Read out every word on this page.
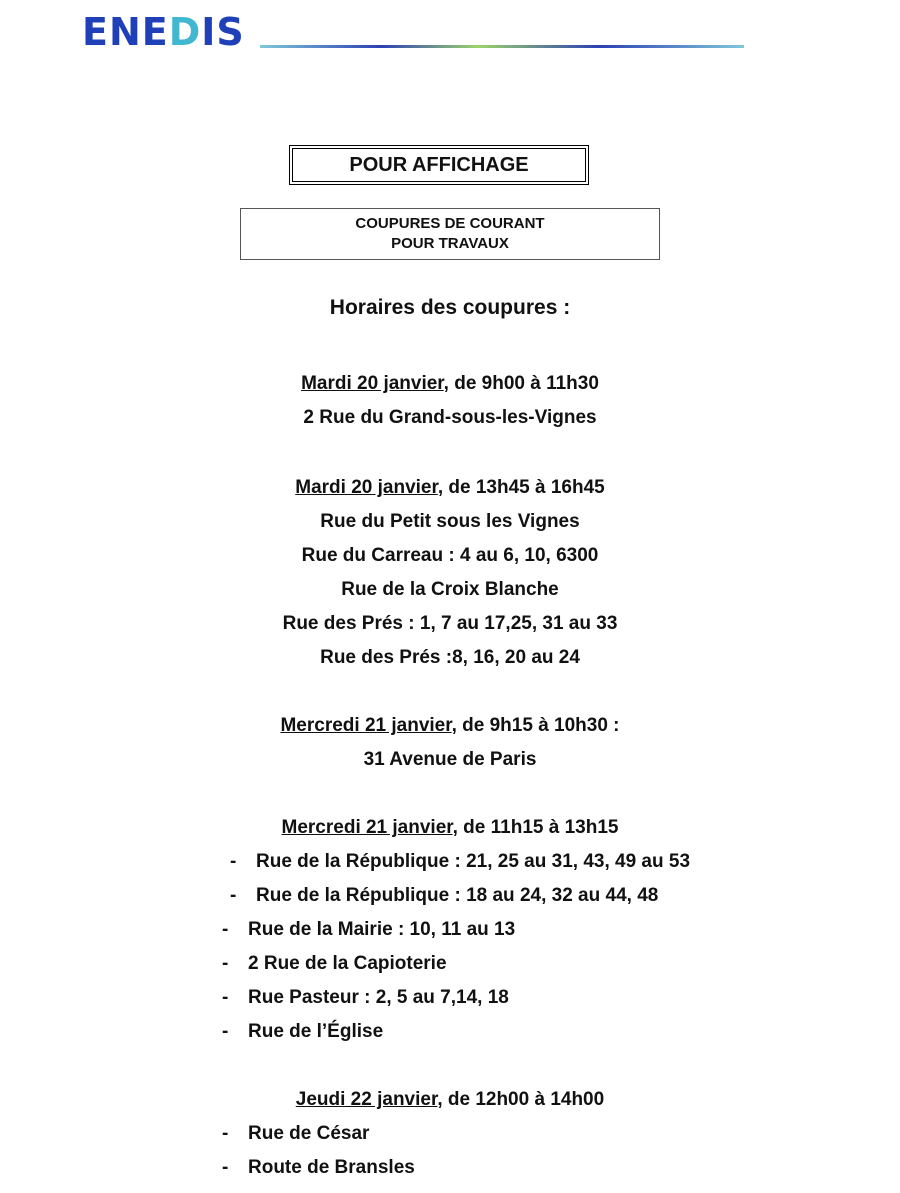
ENEDIS
POUR AFFICHAGE
COUPURES DE COURANT
POUR TRAVAUX
Horaires des coupures :
Mardi 20 janvier, de 9h00 à 11h30
2 Rue du Grand-sous-les-Vignes
Mardi 20 janvier, de 13h45 à 16h45
Rue du Petit sous les Vignes
Rue du Carreau : 4 au 6, 10, 6300
Rue de la Croix Blanche
Rue des Prés : 1, 7 au 17,25, 31 au 33
Rue des Prés :8, 16, 20 au 24
Mercredi 21 janvier, de 9h15 à 10h30 :
31 Avenue de Paris
Mercredi 21 janvier, de 11h15 à 13h15
- Rue de la République : 21, 25 au 31, 43, 49 au 53
- Rue de la République : 18 au 24, 32 au 44, 48
- Rue de la Mairie : 10, 11 au 13
- 2 Rue de la Capioterie
- Rue Pasteur : 2, 5 au 7,14, 18
- Rue de l’Église
Jeudi 22 janvier, de 12h00 à 14h00
- Rue de César
- Route de Bransles
